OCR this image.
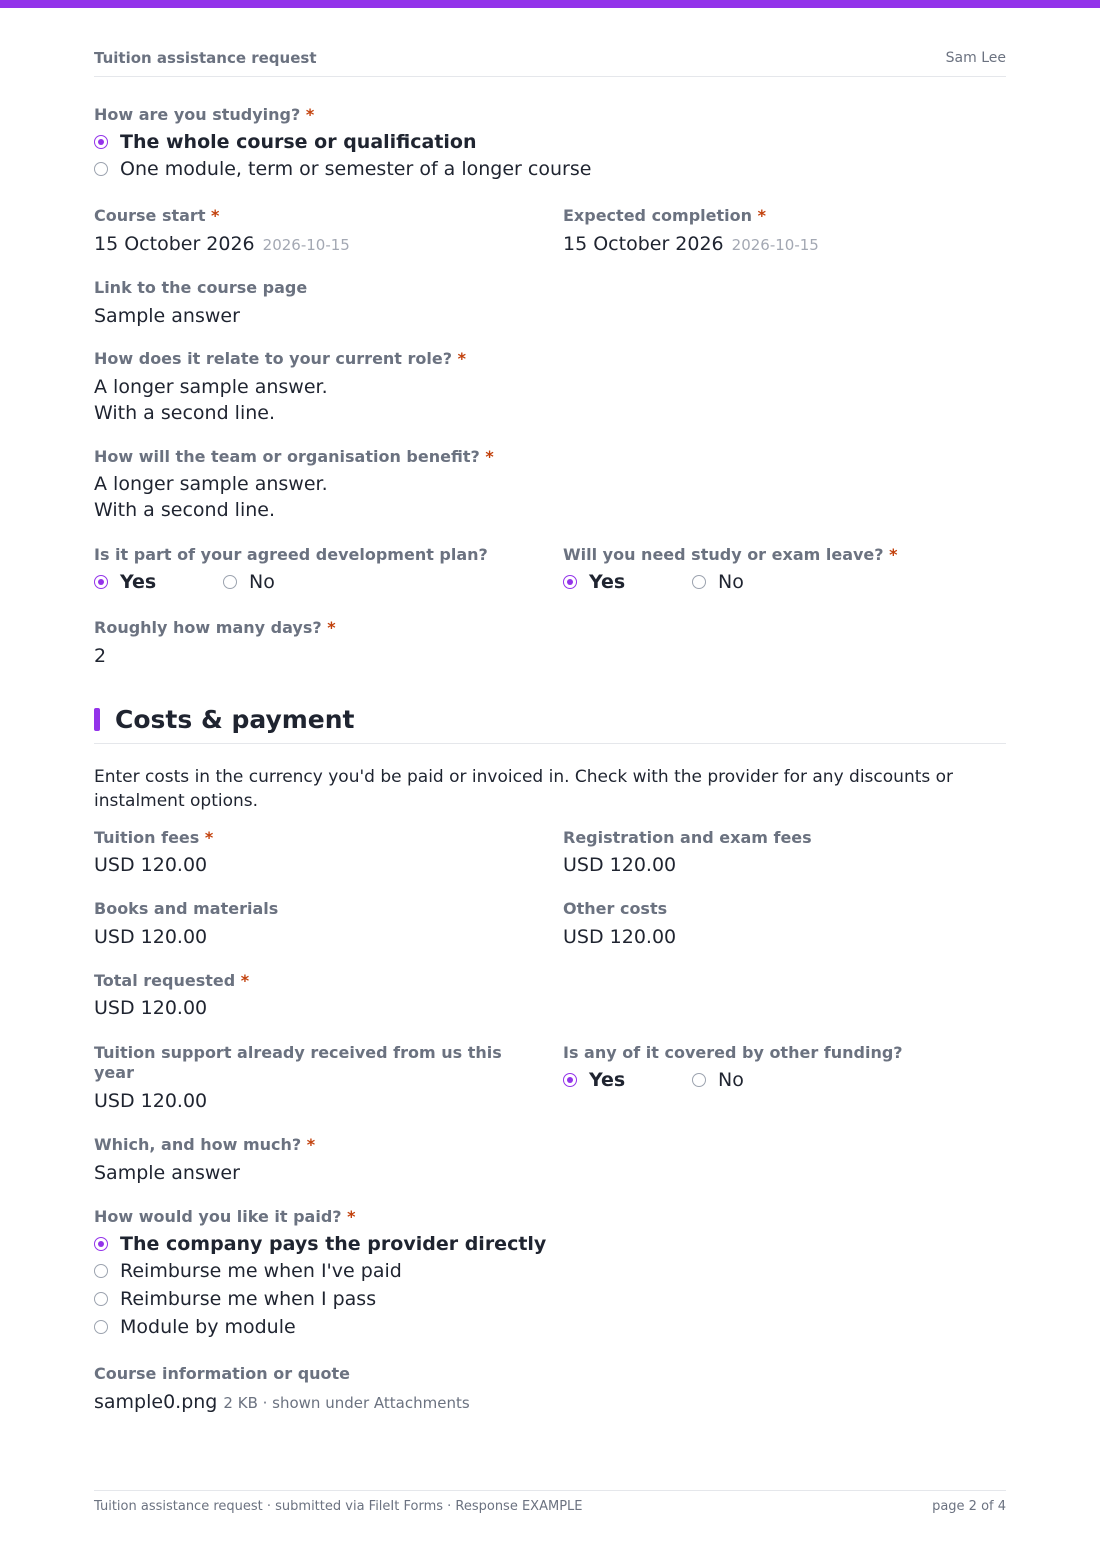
Tuition assistance request	Sam Lee
How are you studying? *
The whole course or qualification
One module, term or semester of a longer course
Course start *
15 October 2026 2026-10-15
Expected completion *
15 October 2026 2026-10-15
Link to the course page
Sample answer
How does it relate to your current role? *
A longer sample answer.
With a second line.
How will the team or organisation benefit? *
A longer sample answer.
With a second line.
Is it part of your agreed development plan?
Yes	No
Will you need study or exam leave? *
Yes	No
Roughly how many days? *
2
Costs & payment
Enter costs in the currency you'd be paid or invoiced in. Check with the provider for any discounts or instalment options.
Tuition fees *
USD 120.00
Registration and exam fees
USD 120.00
Books and materials
USD 120.00
Other costs
USD 120.00
Total requested *
USD 120.00
Tuition support already received from us this
year
USD 120.00
Is any of it covered by other funding?
Yes	No
Which, and how much? *
Sample answer
How would you like it paid? *
The company pays the provider directly
Reimburse me when I've paid
Reimburse me when I pass
Module by module
Course information or quote
sample0.png 2 KB · shown under Attachments
Tuition assistance request · submitted via FileIt Forms · Response EXAMPLE	page 2 of 4
